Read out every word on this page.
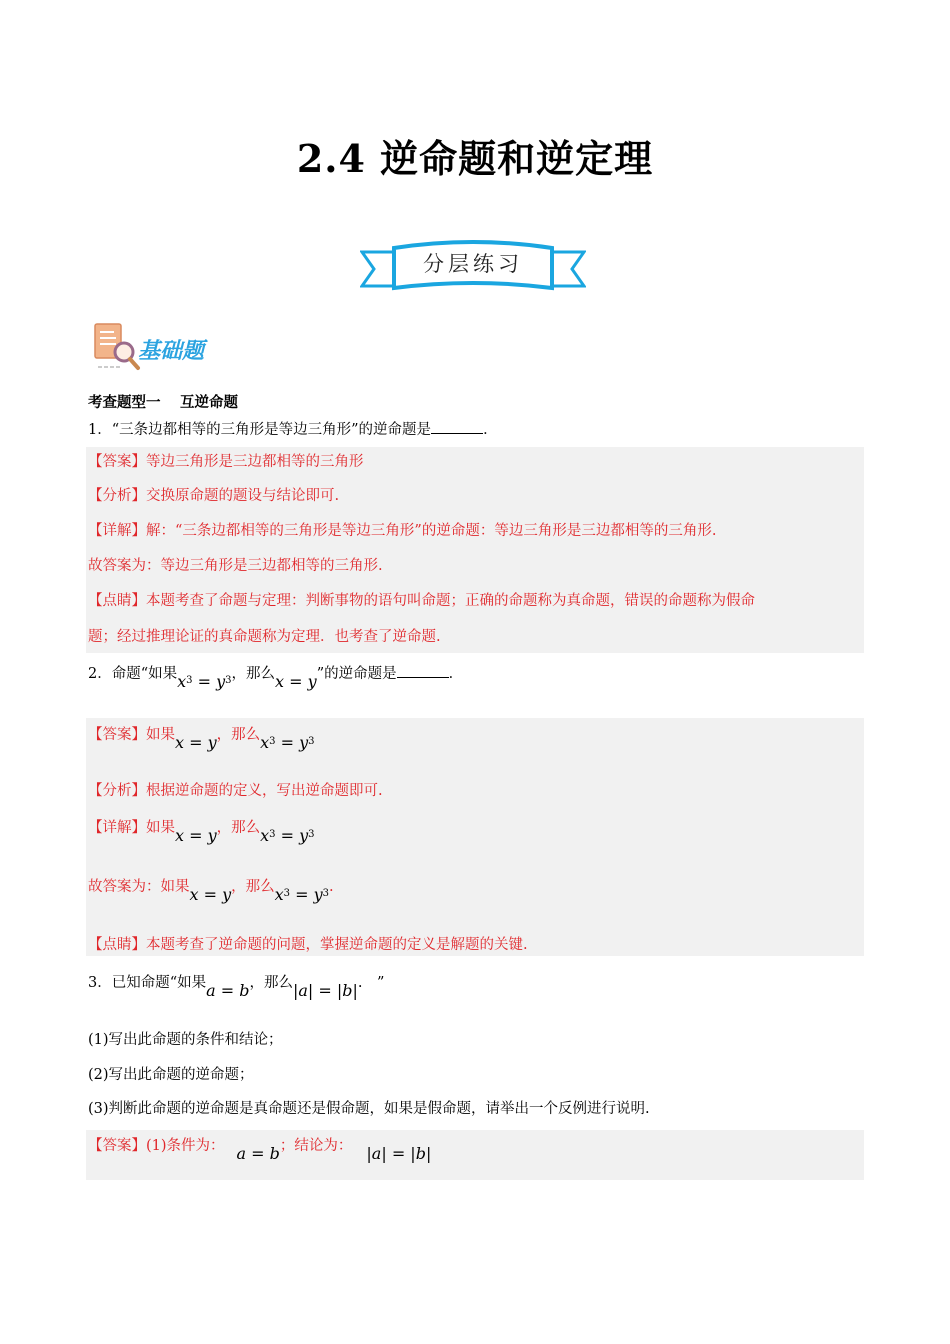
2.4 逆命题和逆定理
分层练习
基础题
考查题型一　 互逆命题
1．“三条边都相等的三角形是等边三角形”的逆命题是	．
【答案】等边三角形是三边都相等的三角形
【分析】交换原命题的题设与结论即可.
【详解】解：“三条边都相等的三角形是等边三角形”的逆命题：等边三角形是三边都相等的三角形.
故答案为：等边三角形是三边都相等的三角形.
【点睛】本题考查了命题与定理：判断事物的语句叫命题；正确的命题称为真命题，错误的命题称为假命
题；经过推理论证的真命题称为定理．也考查了逆命题.
2．命题“如果$x^3 = y^3$，那么x = y”的逆命题是	．
【答案】如果x = y，那么$x^3 = y^3$
【分析】根据逆命题的定义，写出逆命题即可.
【详解】如果x = y，那么$x^3 = y^3$
故答案为：如果x = y，那么$x^3 = y^3$.
【点睛】本题考查了逆命题的问题，掌握逆命题的定义是解题的关键.
3．已知命题“如果a = b，那么|a| = |b|.　”
(1)写出此命题的条件和结论；
(2)写出此命题的逆命题；
(3)判断此命题的逆命题是真命题还是假命题，如果是假命题，请举出一个反例进行说明.
【答案】(1)条件为： a = b；结论为： |a| = |b|
